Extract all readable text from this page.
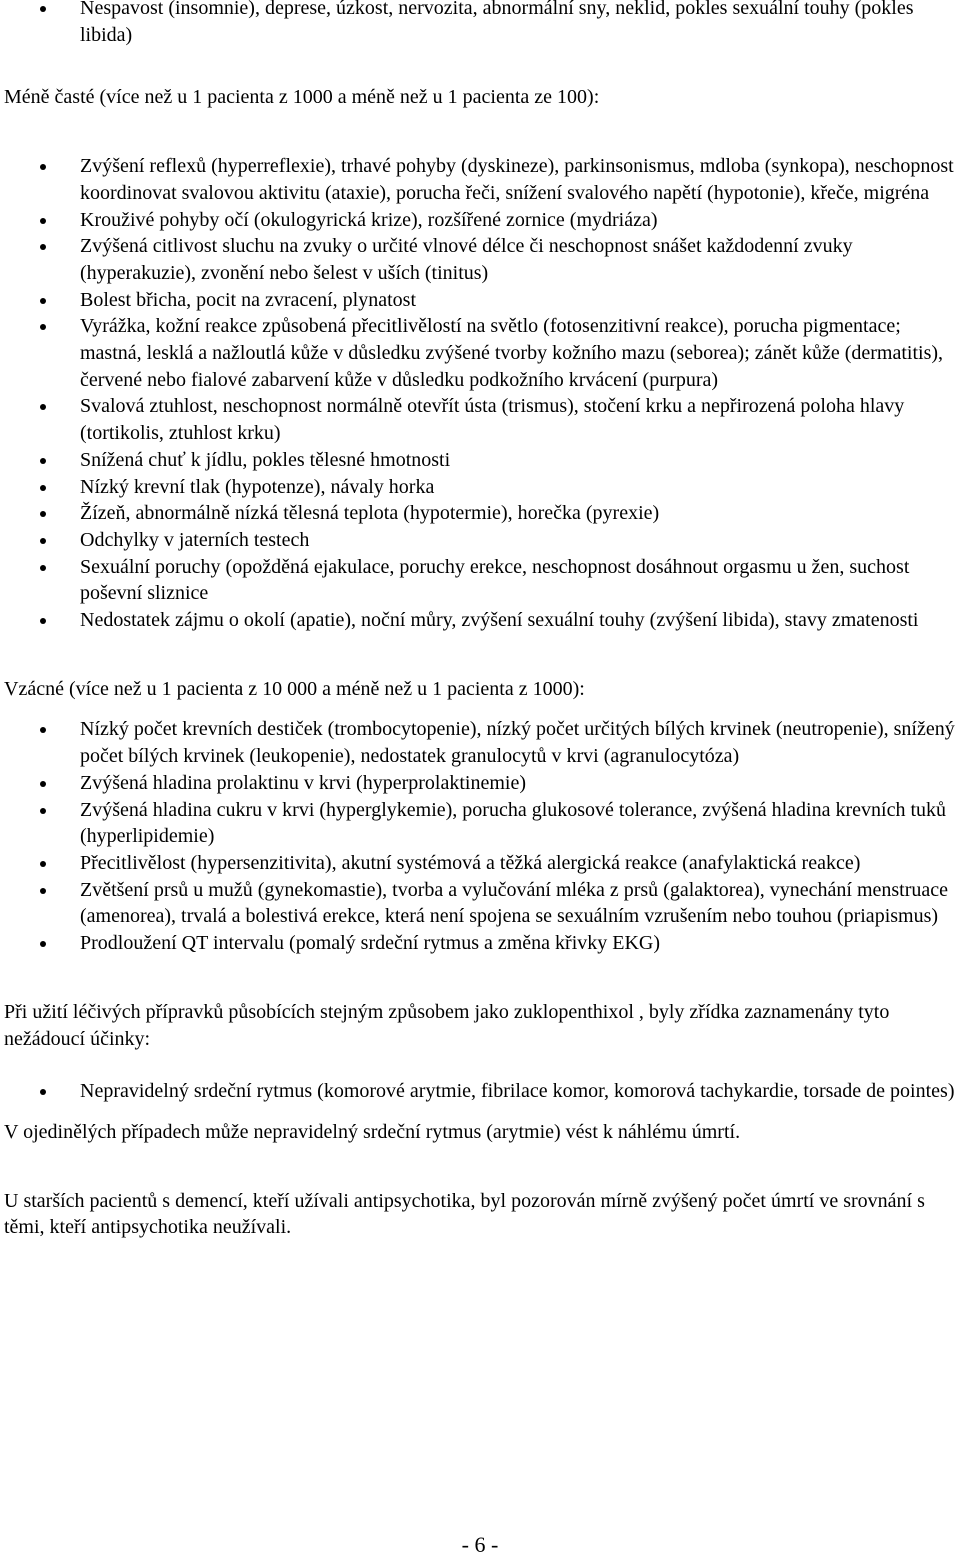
Nespavost (insomnie), deprese, úzkost, nervozita, abnormální sny, neklid, pokles sexuální touhy (pokles libida)

Méně časté (více než u 1 pacienta z 1000 a méně než u 1 pacienta ze 100):

Zvýšení reflexů (hyperreflexie), trhavé pohyby (dyskineze), parkinsonismus, mdloba (synkopa), neschopnost koordinovat svalovou aktivitu (ataxie), porucha řeči, snížení svalového napětí (hypotonie), křeče, migréna
Krouživé pohyby očí (okulogyrická krize), rozšířené zornice (mydriáza)
Zvýšená citlivost sluchu na zvuky o určité vlnové délce či neschopnost snášet každodenní zvuky (hyperakuzie), zvonění nebo šelest v uších (tinitus)
Bolest břicha, pocit na zvracení, plynatost
Vyrážka, kožní reakce způsobená přecitlivělostí na světlo (fotosenzitivní reakce), porucha pigmentace; mastná, lesklá a nažloutlá kůže v důsledku zvýšené tvorby kožního mazu (seborea); zánět kůže (dermatitis), červené nebo fialové zabarvení kůže v důsledku podkožního krvácení (purpura)
Svalová ztuhlost, neschopnost normálně otevřít ústa (trismus), stočení krku a nepřirozená poloha hlavy (tortikolis, ztuhlost krku)
Snížená chuť k jídlu, pokles tělesné hmotnosti
Nízký krevní tlak (hypotenze), návaly horka
Žízeň, abnormálně nízká tělesná teplota (hypotermie), horečka (pyrexie)
Odchylky v jaterních testech
Sexuální poruchy (opožděná ejakulace, poruchy erekce, neschopnost dosáhnout orgasmu u žen, suchost poševní sliznice
Nedostatek zájmu o okolí (apatie), noční můry, zvýšení sexuální touhy (zvýšení libida), stavy zmatenosti

Vzácné (více než u 1 pacienta z 10 000 a méně než u 1 pacienta z 1000):

Nízký počet krevních destiček (trombocytopenie), nízký počet určitých bílých krvinek (neutropenie), snížený počet bílých krvinek (leukopenie), nedostatek granulocytů v krvi (agranulocytóza)
Zvýšená hladina prolaktinu v krvi (hyperprolaktinemie)
Zvýšená hladina cukru v krvi (hyperglykemie), porucha glukosové tolerance, zvýšená hladina krevních tuků (hyperlipidemie)
Přecitlivělost (hypersenzitivita), akutní systémová a těžká alergická reakce (anafylaktická reakce)
Zvětšení prsů u mužů (gynekomastie), tvorba a vylučování mléka z prsů (galaktorea), vynechání menstruace (amenorea), trvalá a bolestivá erekce, která není spojena se sexuálním vzrušením nebo touhou (priapismus)
Prodloužení QT intervalu (pomalý srdeční rytmus a změna křivky EKG)

Při užití léčivých přípravků působících stejným způsobem jako zuklopenthixol , byly zřídka zaznamenány tyto nežádoucí účinky:

Nepravidelný srdeční rytmus (komorové arytmie, fibrilace komor, komorová tachykardie, torsade de pointes)

V ojedinělých případech může nepravidelný srdeční rytmus (arytmie) vést k náhlému úmrtí.

U starších pacientů s demencí, kteří užívali antipsychotika, byl pozorován mírně zvýšený počet úmrtí ve srovnání s těmi, kteří antipsychotika neužívali.

- 6 -
